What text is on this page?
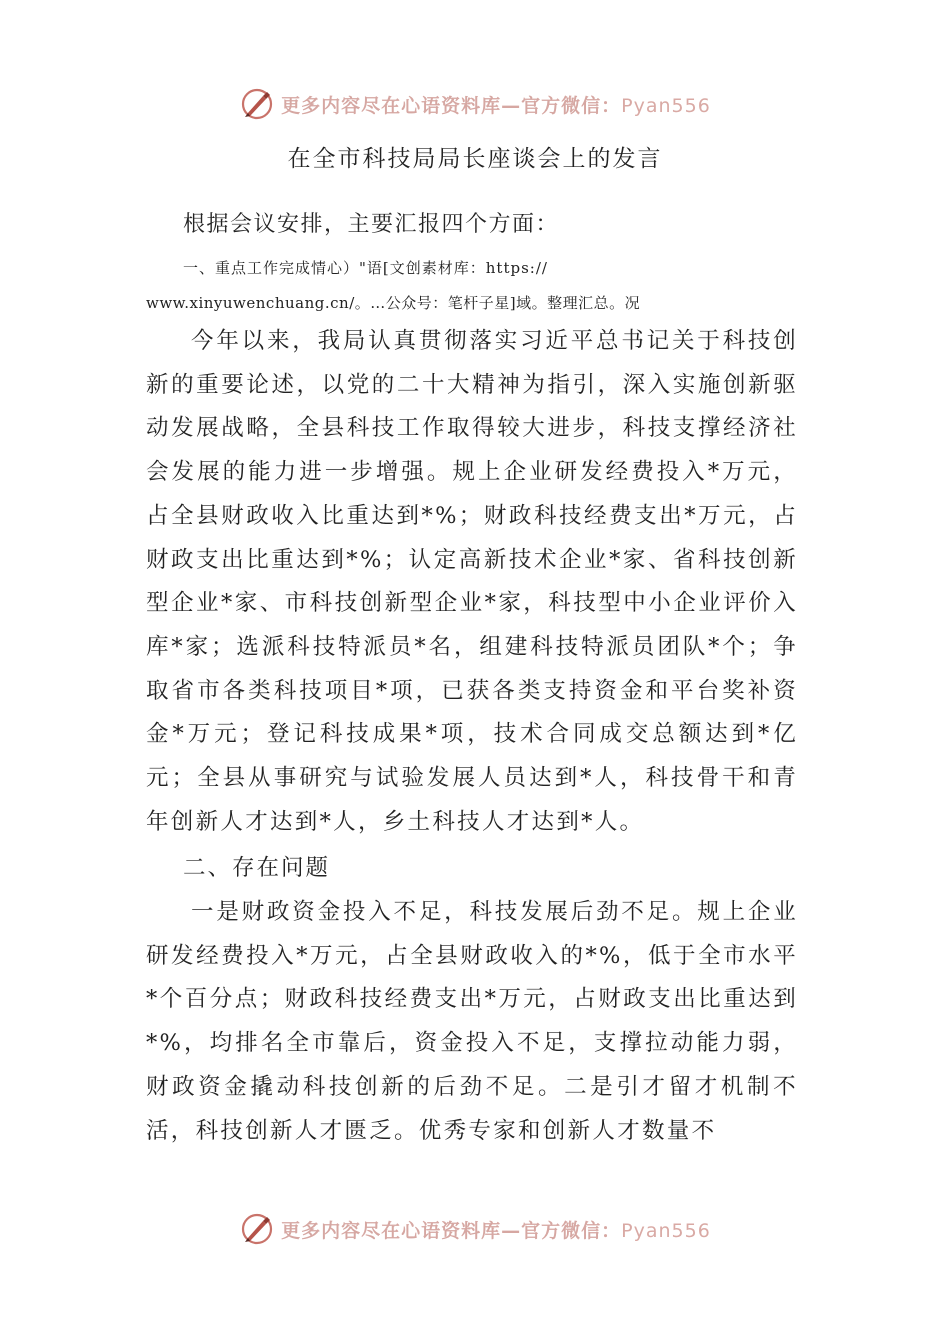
更多内容尽在心语资料库—官方微信：Pyan556
在全市科技局局长座谈会上的发言
根据会议安排，主要汇报四个方面：
一、重点工作完成情心）"语[文创素材库：https://
www.xinyuwenchuang.cn/。…公众号：笔杆子星]域。整理汇总。况

今年以来，我局认真贯彻落实习近平总书记关于科技创新的重要论述，以党的二十大精神为指引，深入实施创新驱动发展战略，全县科技工作取得较大进步，科技支撑经济社会发展的能力进一步增强。规上企业研发经费投入*万元，占全县财政收入比重达到*%；财政科技经费支出*万元，占财政支出比重达到*%；认定高新技术企业*家、省科技创新型企业*家、市科技创新型企业*家，科技型中小企业评价入库*家；选派科技特派员*名，组建科技特派员团队*个；争取省市各类科技项目*项，已获各类支持资金和平台奖补资金*万元；登记科技成果*项，技术合同成交总额达到*亿元；全县从事研究与试验发展人员达到*人，科技骨干和青年创新人才达到*人，乡土科技人才达到*人。

二、存在问题

一是财政资金投入不足，科技发展后劲不足。规上企业研发经费投入*万元，占全县财政收入的*%，低于全市水平*个百分点；财政科技经费支出*万元，占财政支出比重达到*%，均排名全市靠后，资金投入不足，支撑拉动能力弱，财政资金撬动科技创新的后劲不足。二是引才留才机制不活，科技创新人才匮乏。优秀专家和创新人才数量不

更多内容尽在心语资料库—官方微信：Pyan556
